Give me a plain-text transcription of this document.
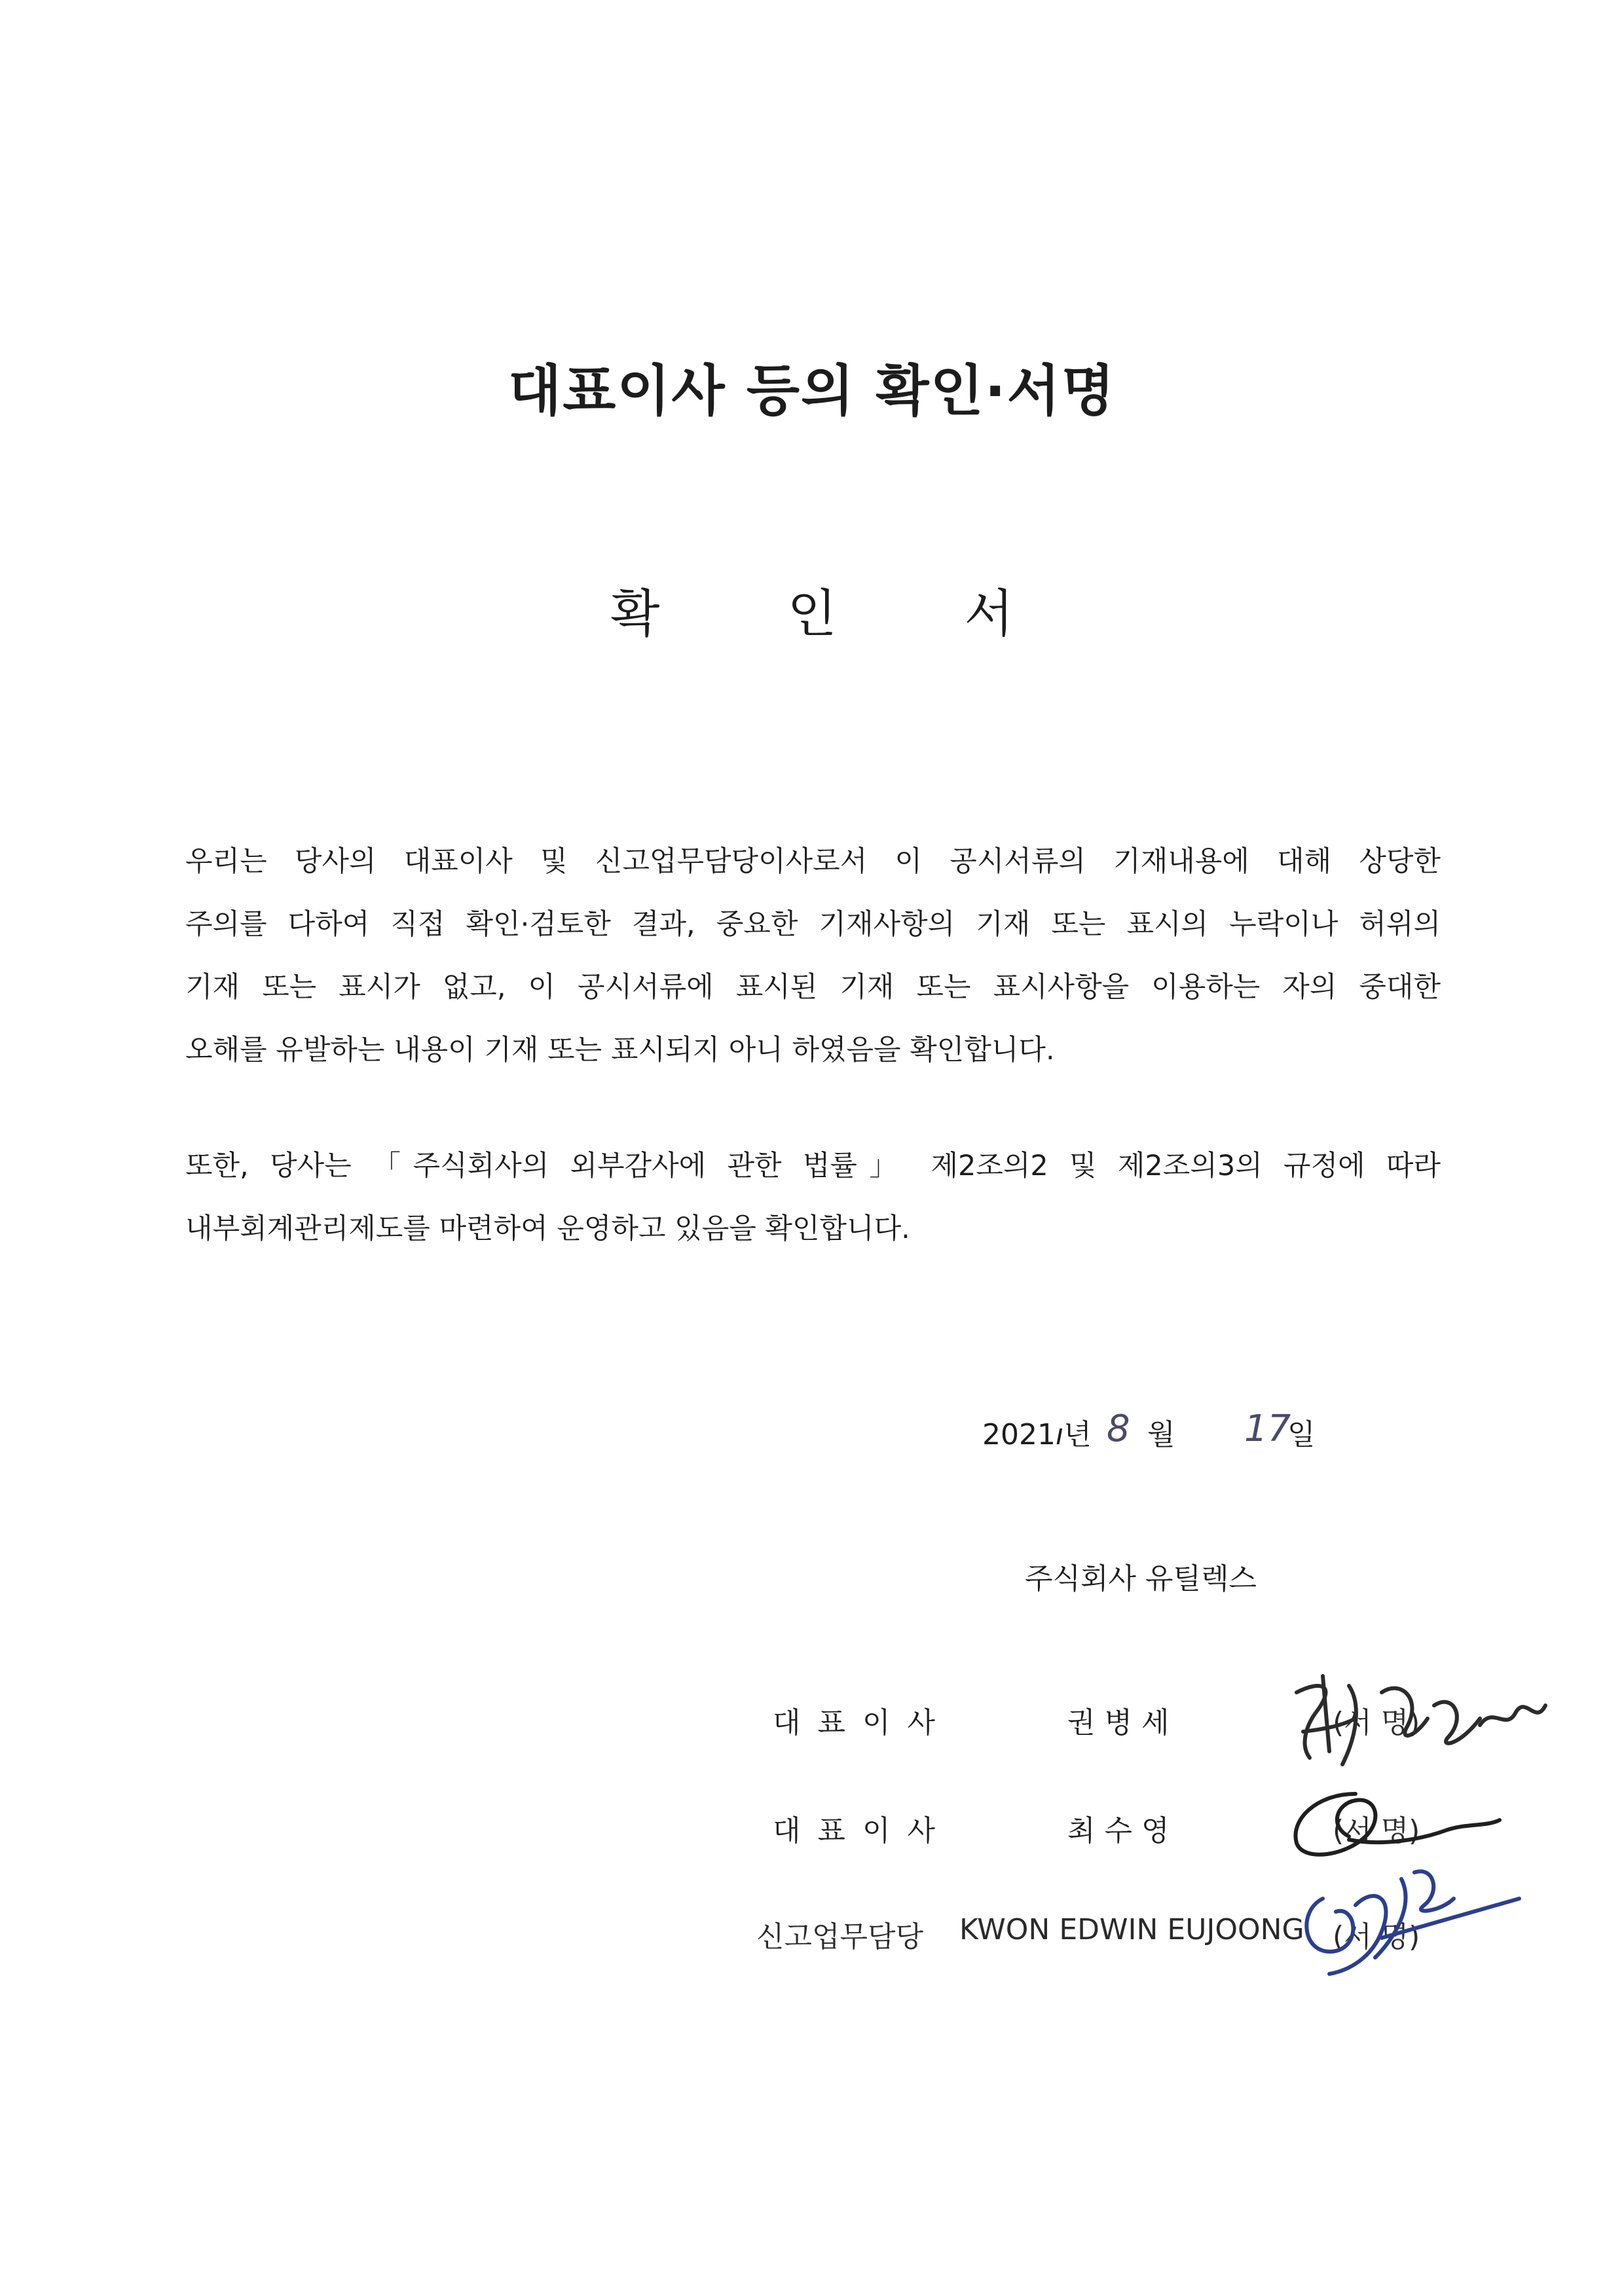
대표이사 등의 확인·서명
확 인 서
우리는 당사의 대표이사 및 신고업무담당이사로서 이 공시서류의 기재내용에 대해 상당한
주의를 다하여 직접 확인·검토한 결과, 중요한 기재사항의 기재 또는 표시의 누락이나 허위의
기재 또는 표시가 없고, 이 공시서류에 표시된 기재 또는 표시사항을 이용하는 자의 중대한
오해를 유발하는 내용이 기재 또는 표시되지 아니 하였음을 확인합니다.
또한, 당사는 「주식회사의 외부감사에 관한 법률」 제2조의2 및 제2조의3의 규정에 따라
내부회계관리제도를 마련하여 운영하고 있음을 확인합니다.
2021ı년 8 월 17
일
주식회사 유틸렉스
대표이사	권병세	(서 명)
대표이사	최수영	(서 명)
신고업무담당 KWON EDWIN EUJOONG (서 명)
